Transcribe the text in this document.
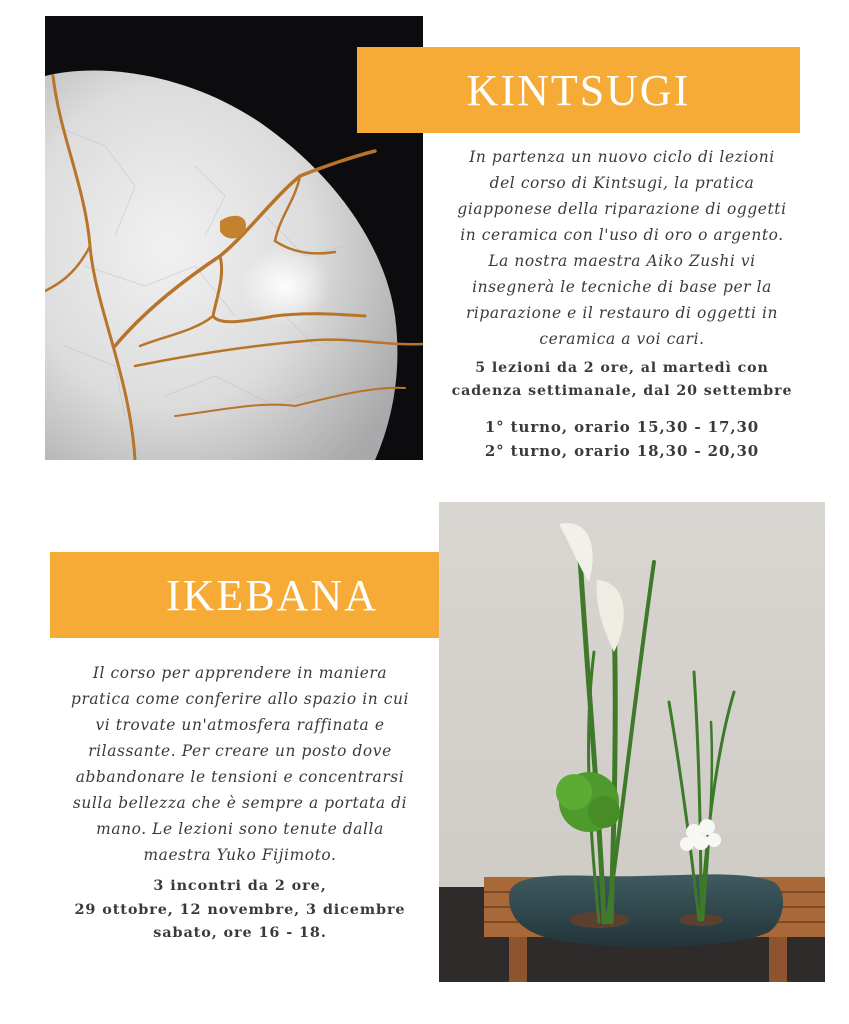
KINTSUGI

In partenza un nuovo ciclo di lezioni
del corso di Kintsugi, la pratica
giapponese della riparazione di oggetti
in ceramica con l'uso di oro o argento.
La nostra maestra Aiko Zushi vi
insegnerà le tecniche di base per la
riparazione e il restauro di oggetti in
ceramica a voi cari.

5 lezioni da 2 ore, al martedì con
cadenza settimanale, dal 20 settembre

1° turno, orario 15,30 - 17,30
2° turno, orario 18,30 - 20,30

IKEBANA

Il corso per apprendere in maniera
pratica come conferire allo spazio in cui
vi trovate un'atmosfera raffinata e
rilassante. Per creare un posto dove
abbandonare le tensioni e concentrarsi
sulla bellezza che è sempre a portata di
mano. Le lezioni sono tenute dalla
maestra Yuko Fijimoto.

3 incontri da 2 ore,
29 ottobre, 12 novembre, 3 dicembre
sabato, ore 16 - 18.
